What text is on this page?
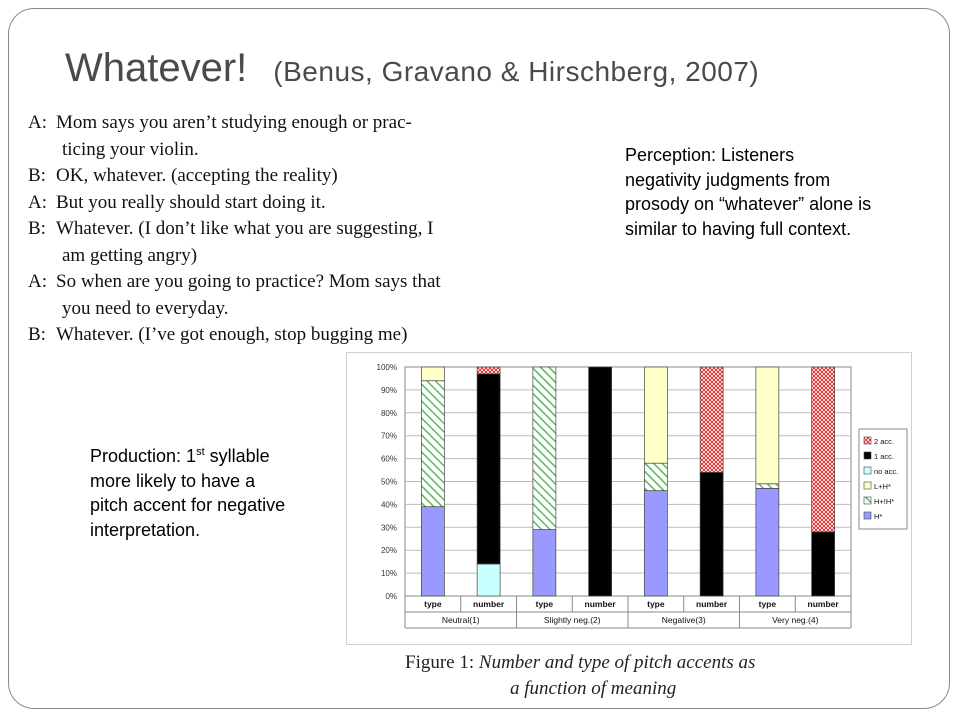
Whatever! (Benus, Gravano & Hirschberg, 2007)
A: Mom says you aren’t studying enough or prac-
ticing your violin.
B: OK, whatever. (accepting the reality)
A: But you really should start doing it.
B: Whatever. (I don’t like what you are suggesting, I
am getting angry)
A: So when are you going to practice? Mom says that
you need to everyday.
B: Whatever. (I’ve got enough, stop bugging me)
Perception: Listeners negativity judgments from prosody on “whatever” alone is similar to having full context.
Production: 1st syllable more likely to have a pitch accent for negative interpretation.
0%
10%
20%
30%
40%
50%
60%
70%
80%
90%
100%
type	number	type	number	type	number	type	number
Neutral(1)	Slightly neg.(2)	Negative(3)	Very neg.(4)
2 acc.
1 acc.
no acc.
L+H*
H+!H*
H*
Figure 1: Number and type of pitch accents as
a function of meaning
